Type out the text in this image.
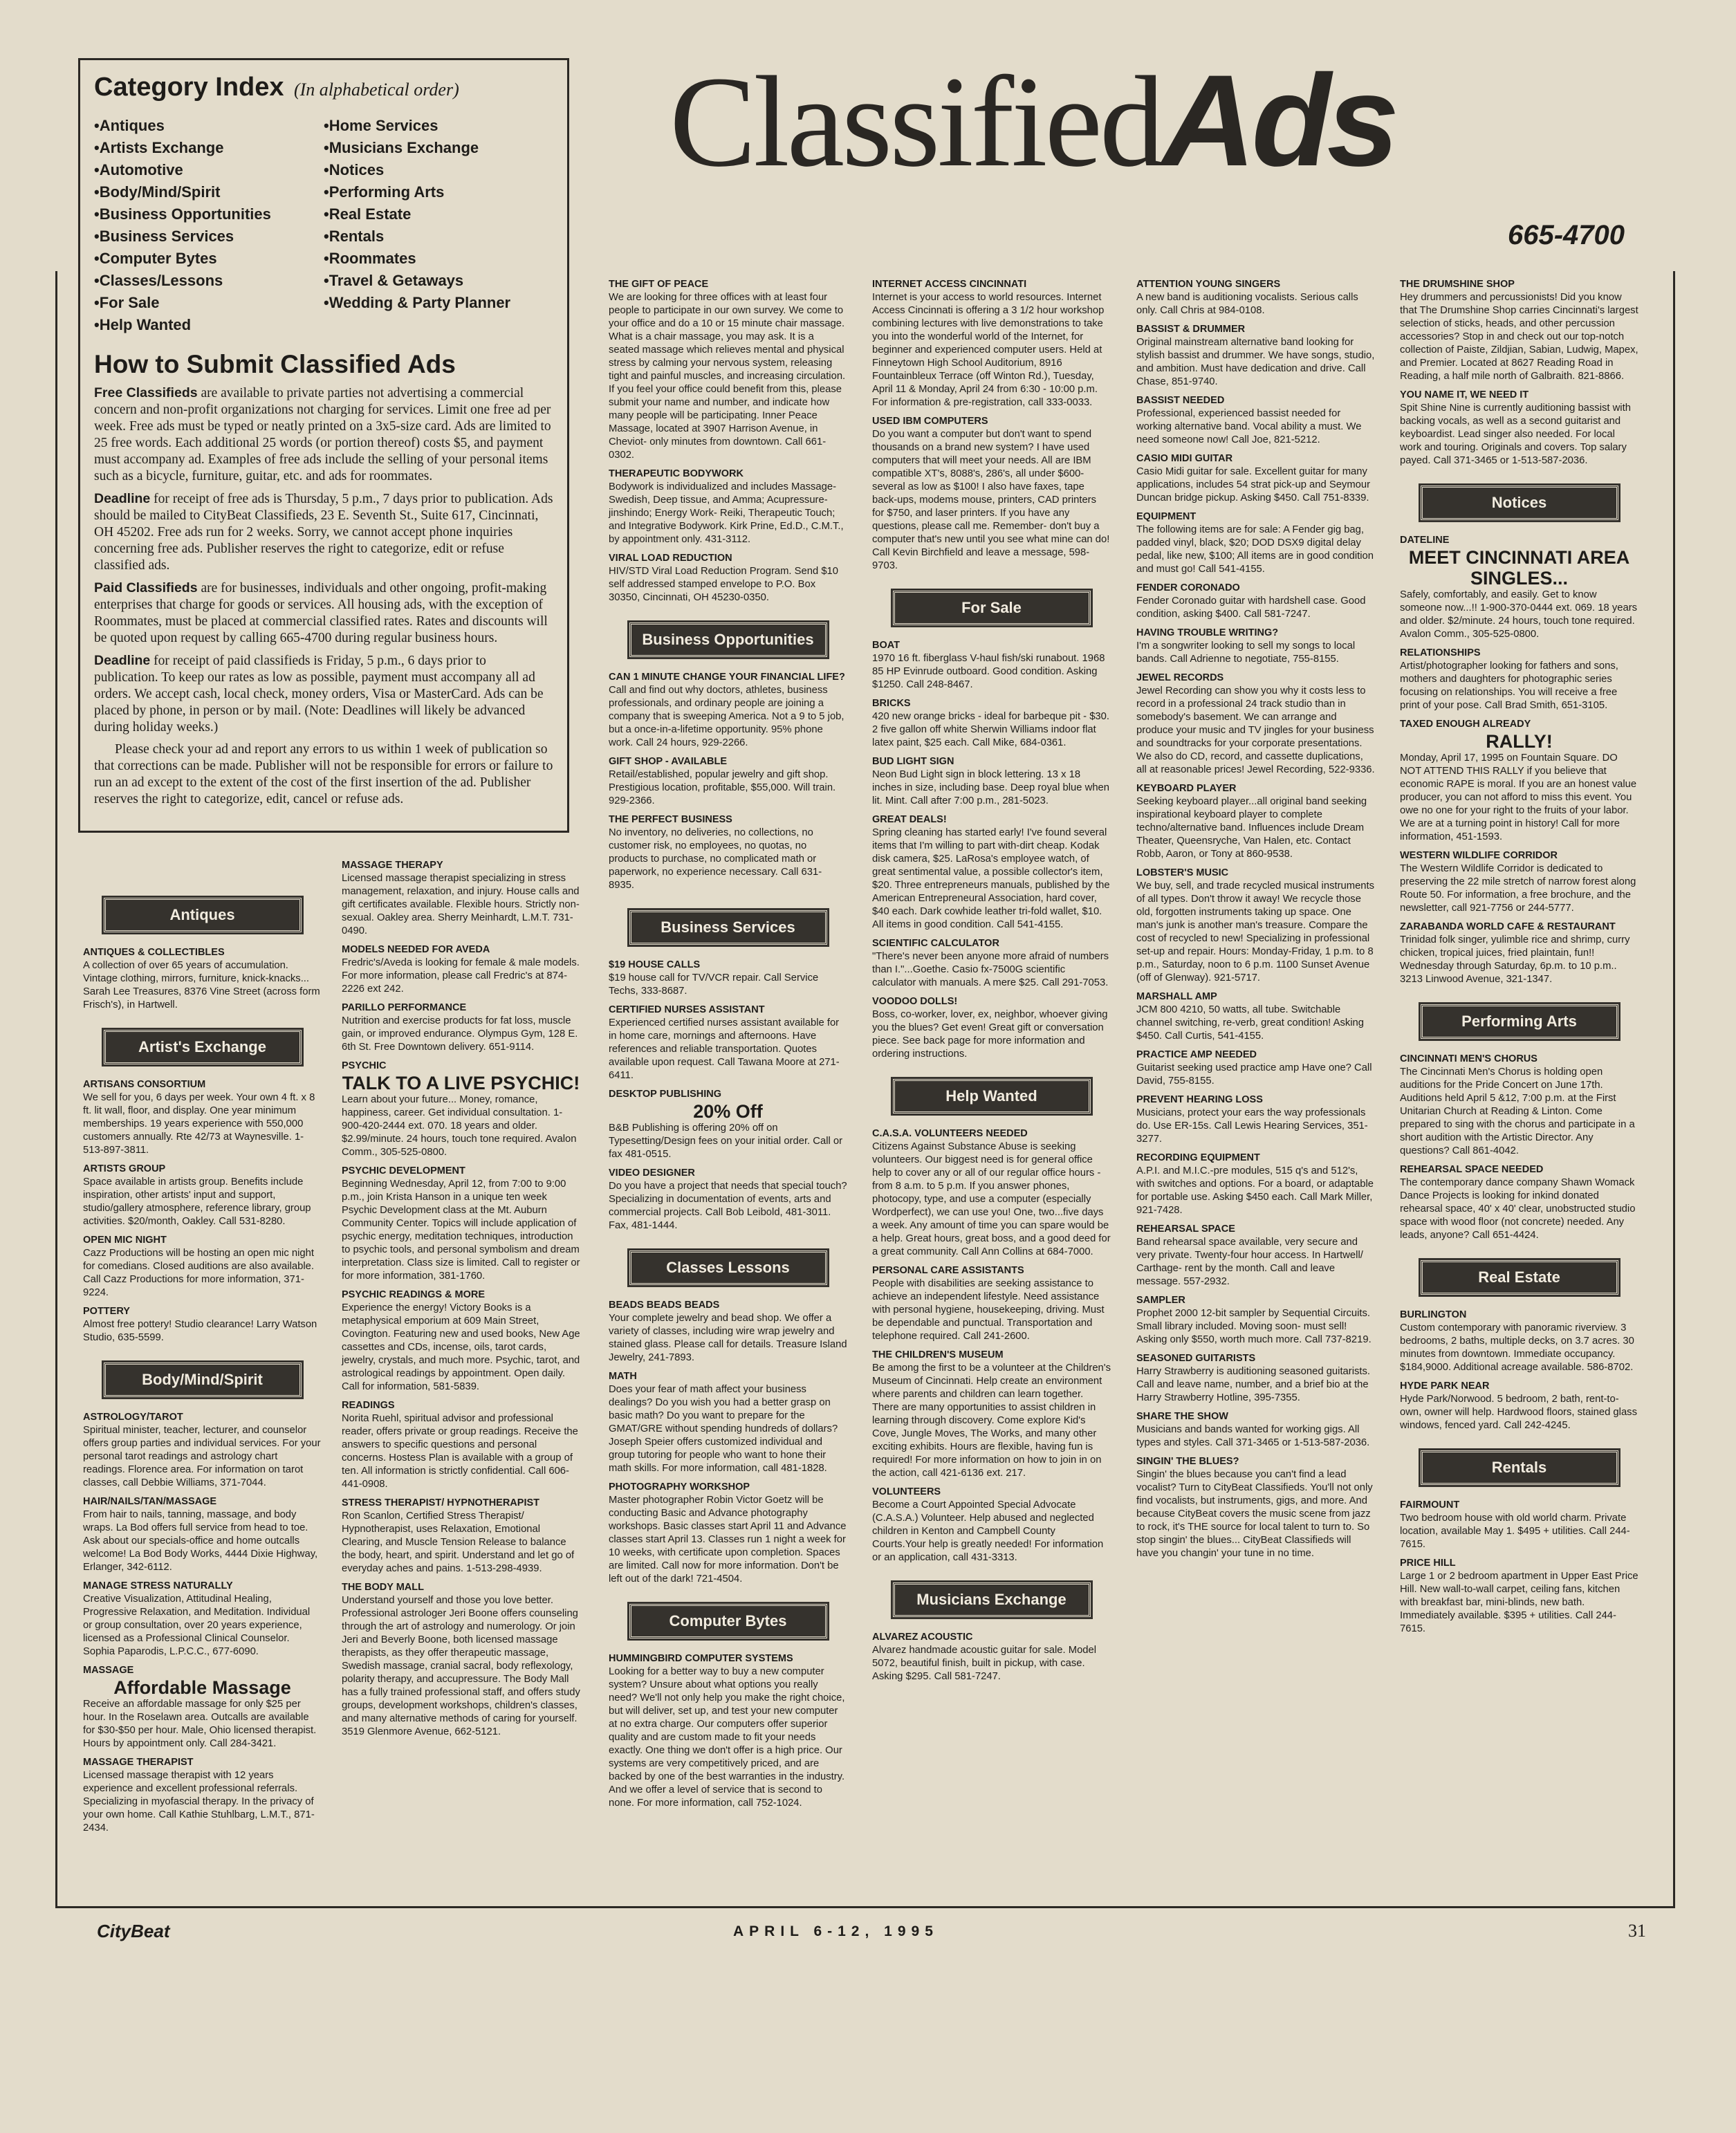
Category Index (In alphabetical order)
•Antiques
•Artists Exchange
•Automotive
•Body/Mind/Spirit
•Business Opportunities
•Business Services
•Computer Bytes
•Classes/Lessons
•For Sale
•Help Wanted
•Home Services
•Musicians Exchange
•Notices
•Performing Arts
•Real Estate
•Rentals
•Roommates
•Travel & Getaways
•Wedding & Party Planner
How to Submit Classified Ads

Free Classifieds are available to private parties not advertising a commercial concern and non-profit organizations not charging for services. Limit one free ad per week. Free ads must be typed or neatly printed on a 3x5-size card. Ads are limited to 25 free words. Each additional 25 words (or portion thereof) costs $5, and payment must accompany ad. Examples of free ads include the selling of your personal items such as a bicycle, furniture, guitar, etc. and ads for roommates.

Deadline for receipt of free ads is Thursday, 5 p.m., 7 days prior to publication. Ads should be mailed to CityBeat Classifieds, 23 E. Seventh St., Suite 617, Cincinnati, OH 45202. Free ads run for 2 weeks. Sorry, we cannot accept phone inquiries concerning free ads. Publisher reserves the right to categorize, edit or refuse classified ads.

Paid Classifieds are for businesses, individuals and other ongoing, profit-making enterprises that charge for goods or services. All housing ads, with the exception of Roommates, must be placed at commercial classified rates. Rates and discounts will be quoted upon request by calling 665-4700 during regular business hours.

Deadline for receipt of paid classifieds is Friday, 5 p.m., 6 days prior to publication. To keep our rates as low as possible, payment must accompany all ad orders. We accept cash, local check, money orders, Visa or MasterCard. Ads can be placed by phone, in person or by mail. (Note: Deadlines will likely be advanced during holiday weeks.)

Please check your ad and report any errors to us within 1 week of publication so that corrections can be made. Publisher will not be responsible for errors or failure to run an ad except to the extent of the cost of the first insertion of the ad. Publisher reserves the right to categorize, edit, cancel or refuse ads.

ClassifiedAds
665-4700
Antiques
ANTIQUES & COLLECTIBLES
A collection of over 65 years of accumulation. Vintage clothing, mirrors, furniture, knick-knacks... Sarah Lee Treasures, 8376 Vine Street (across form Frisch's), in Hartwell.
Artist's Exchange
ARTISANS CONSORTIUM
We sell for you, 6 days per week. Your own 4 ft. x 8 ft. lit wall, floor, and display. One year minimum memberships. 19 years experience with 550,000 customers annually. Rte 42/73 at Waynesville. 1-513-897-3811.
ARTISTS GROUP
Space available in artists group. Benefits include inspiration, other artists' input and support, studio/gallery atmosphere, reference library, group activities. $20/month, Oakley. Call 531-8280.
OPEN MIC NIGHT
Cazz Productions will be hosting an open mic night for comedians. Closed auditions are also available. Call Cazz Productions for more information, 371-9224.
POTTERY
Almost free pottery! Studio clearance! Larry Watson Studio, 635-5599.
Body/Mind/Spirit
ASTROLOGY/TAROT
Spiritual minister, teacher, lecturer, and counselor offers group parties and individual services. For your personal tarot readings and astrology chart readings. Florence area. For information on tarot classes, call Debbie Williams, 371-7044.
HAIR/NAILS/TAN/MASSAGE
From hair to nails, tanning, massage, and body wraps. La Bod offers full service from head to toe. Ask about our specials-office and home outcalls welcome! La Bod Body Works, 4444 Dixie Highway, Erlanger, 342-6112.
MANAGE STRESS NATURALLY
Creative Visualization, Attitudinal Healing, Progressive Relaxation, and Meditation. Individual or group consultation, over 20 years experience, licensed as a Professional Clinical Counselor. Sophia Paparodis, L.P.C.C., 677-6090.
MASSAGE
Affordable Massage
Receive an affordable massage for only $25 per hour. In the Roselawn area. Outcalls are available for $30-$50 per hour. Male, Ohio licensed therapist. Hours by appointment only. Call 284-3421.
MASSAGE THERAPIST
Licensed massage therapist with 12 years experience and excellent professional referrals. Specializing in myofascial therapy. In the privacy of your own home. Call Kathie Stuhlbarg, L.M.T., 871-2434.
MASSAGE THERAPY
Licensed massage therapist specializing in stress management, relaxation, and injury. House calls and gift certificates available. Flexible hours. Strictly non-sexual. Oakley area. Sherry Meinhardt, L.M.T. 731-0490.
MODELS NEEDED FOR AVEDA
Fredric's/Aveda is looking for female & male models. For more information, please call Fredric's at 874-2226 ext 242.
PARILLO PERFORMANCE
Nutrition and exercise products for fat loss, muscle gain, or improved endurance. Olympus Gym, 128 E. 6th St. Free Downtown delivery. 651-9114.
PSYCHIC
TALK TO A LIVE PSYCHIC!
Learn about your future... Money, romance, happiness, career. Get individual consultation. 1-900-420-2444 ext. 070. 18 years and older. $2.99/minute. 24 hours, touch tone required. Avalon Comm., 305-525-0800.
PSYCHIC DEVELOPMENT
Beginning Wednesday, April 12, from 7:00 to 9:00 p.m., join Krista Hanson in a unique ten week Psychic Development class at the Mt. Auburn Community Center. Topics will include application of psychic energy, meditation techniques, introduction to psychic tools, and personal symbolism and dream interpretation. Class size is limited. Call to register or for more information, 381-1760.
PSYCHIC READINGS & MORE
Experience the energy! Victory Books is a metaphysical emporium at 609 Main Street, Covington. Featuring new and used books, New Age cassettes and CDs, incense, oils, tarot cards, jewelry, crystals, and much more. Psychic, tarot, and astrological readings by appointment. Open daily. Call for information, 581-5839.
READINGS
Norita Ruehl, spiritual advisor and professional reader, offers private or group readings. Receive the answers to specific questions and personal concerns. Hostess Plan is available with a group of ten. All information is strictly confidential. Call 606-441-0908.
STRESS THERAPIST/ HYPNOTHERAPIST
Ron Scanlon, Certified Stress Therapist/ Hypnotherapist, uses Relaxation, Emotional Clearing, and Muscle Tension Release to balance the body, heart, and spirit. Understand and let go of everyday aches and pains. 1-513-298-4939.
THE BODY MALL
Understand yourself and those you love better. Professional astrologer Jeri Boone offers counseling through the art of astrology and numerology. Or join Jeri and Beverly Boone, both licensed massage therapists, as they offer therapeutic massage, Swedish massage, cranial sacral, body reflexology, polarity therapy, and accupressure. The Body Mall has a fully trained professional staff, and offers study groups, development workshops, children's classes, and many alternative methods of caring for yourself. 3519 Glenmore Avenue, 662-5121.
THE GIFT OF PEACE
We are looking for three offices with at least four people to participate in our own survey. We come to your office and do a 10 or 15 minute chair massage. What is a chair massage, you may ask. It is a seated massage which relieves mental and physical stress by calming your nervous system, releasing tight and painful muscles, and increasing circulation. If you feel your office could benefit from this, please submit your name and number, and indicate how many people will be participating. Inner Peace Massage, located at 3907 Harrison Avenue, in Cheviot- only minutes from downtown. Call 661-0302.
THERAPEUTIC BODYWORK
Bodywork is individualized and includes Massage-Swedish, Deep tissue, and Amma; Acupressure- jinshindo; Energy Work- Reiki, Therapeutic Touch; and Integrative Bodywork. Kirk Prine, Ed.D., C.M.T., by appointment only. 431-3112.
VIRAL LOAD REDUCTION
HIV/STD Viral Load Reduction Program. Send $10 self addressed stamped envelope to P.O. Box 30350, Cincinnati, OH 45230-0350.
Business Opportunities
CAN 1 MINUTE CHANGE YOUR FINANCIAL LIFE?
Call and find out why doctors, athletes, business professionals, and ordinary people are joining a company that is sweeping America. Not a 9 to 5 job, but a once-in-a-lifetime opportunity. 95% phone work. Call 24 hours, 929-2266.
GIFT SHOP - AVAILABLE
Retail/established, popular jewelry and gift shop. Prestigious location, profitable, $55,000. Will train. 929-2366.
THE PERFECT BUSINESS
No inventory, no deliveries, no collections, no customer risk, no employees, no quotas, no products to purchase, no complicated math or paperwork, no experience necessary. Call 631-8935.
Business Services
$19 HOUSE CALLS
$19 house call for TV/VCR repair. Call Service Techs, 333-8687.
CERTIFIED NURSES ASSISTANT
Experienced certified nurses assistant available for in home care, mornings and afternoons. Have references and reliable transportation. Quotes available upon request. Call Tawana Moore at 271-6411.
DESKTOP PUBLISHING
20% Off
B&B Publishing is offering 20% off on Typesetting/Design fees on your initial order. Call or fax 481-0515.
VIDEO DESIGNER
Do you have a project that needs that special touch? Specializing in documentation of events, arts and commercial projects. Call Bob Leibold, 481-3011. Fax, 481-1444.
Classes Lessons
BEADS BEADS BEADS
Your complete jewelry and bead shop. We offer a variety of classes, including wire wrap jewelry and stained glass. Please call for details. Treasure Island Jewelry, 241-7893.
MATH
Does your fear of math affect your business dealings? Do you wish you had a better grasp on basic math? Do you want to prepare for the GMAT/GRE without spending hundreds of dollars? Joseph Speier offers customized individual and group tutoring for people who want to hone their math skills. For more information, call 481-1828.
PHOTOGRAPHY WORKSHOP
Master photographer Robin Victor Goetz will be conducting Basic and Advance photography workshops. Basic classes start April 11 and Advance classes start April 13. Classes run 1 night a week for 10 weeks, with certificate upon completion. Spaces are limited. Call now for more information. Don't be left out of the dark! 721-4504.
Computer Bytes
HUMMINGBIRD COMPUTER SYSTEMS
Looking for a better way to buy a new computer system? Unsure about what options you really need? We'll not only help you make the right choice, but will deliver, set up, and test your new computer at no extra charge. Our computers offer superior quality and are custom made to fit your needs exactly. One thing we don't offer is a high price. Our systems are very competitively priced, and are backed by one of the best warranties in the industry. And we offer a level of service that is second to none. For more information, call 752-1024.
INTERNET ACCESS CINCINNATI
Internet is your access to world resources. Internet Access Cincinnati is offering a 3 1/2 hour workshop combining lectures with live demonstrations to take you into the wonderful world of the Internet, for beginner and experienced computer users. Held at Finneytown High School Auditorium, 8916 Fountainbleux Terrace (off Winton Rd.), Tuesday, April 11 & Monday, April 24 from 6:30 - 10:00 p.m. For information & pre-registration, call 333-0033.
USED IBM COMPUTERS
Do you want a computer but don't want to spend thousands on a brand new system? I have used computers that will meet your needs. All are IBM compatible XT's, 8088's, 286's, all under $600- several as low as $100! I also have faxes, tape back-ups, modems mouse, printers, CAD printers for $750, and laser printers. If you have any questions, please call me. Remember- don't buy a computer that's new until you see what mine can do! Call Kevin Birchfield and leave a message, 598-9703.
For Sale
BOAT
1970 16 ft. fiberglass V-haul fish/ski runabout. 1968 85 HP Evinrude outboard. Good condition. Asking $1250. Call 248-8467.
BRICKS
420 new orange bricks - ideal for barbeque pit - $30. 2 five gallon off white Sherwin Williams indoor flat latex paint, $25 each. Call Mike, 684-0361.
BUD LIGHT SIGN
Neon Bud Light sign in block lettering. 13 x 18 inches in size, including base. Deep royal blue when lit. Mint. Call after 7:00 p.m., 281-5023.
GREAT DEALS!
Spring cleaning has started early! I've found several items that I'm willing to part with-dirt cheap. Kodak disk camera, $25. LaRosa's employee watch, of great sentimental value, a possible collector's item, $20. Three entrepreneurs manuals, published by the American Entrepreneural Association, hard cover, $40 each. Dark cowhide leather tri-fold wallet, $10. All items in good condition. Call 541-4155.
SCIENTIFIC CALCULATOR
"There's never been anyone more afraid of numbers than I."...Goethe. Casio fx-7500G scientific calculator with manuals. A mere $25. Call 291-7053.
VOODOO DOLLS!
Boss, co-worker, lover, ex, neighbor, whoever giving you the blues? Get even! Great gift or conversation piece. See back page for more information and ordering instructions.
Help Wanted
C.A.S.A. VOLUNTEERS NEEDED
Citizens Against Substance Abuse is seeking volunteers. Our biggest need is for general office help to cover any or all of our regular office hours - from 8 a.m. to 5 p.m. If you answer phones, photocopy, type, and use a computer (especially Wordperfect), we can use you! One, two...five days a week. Any amount of time you can spare would be a help. Great hours, great boss, and a good deed for a great community. Call Ann Collins at 684-7000.
PERSONAL CARE ASSISTANTS
People with disabilities are seeking assistance to achieve an independent lifestyle. Need assistance with personal hygiene, housekeeping, driving. Must be dependable and punctual. Transportation and telephone required. Call 241-2600.
THE CHILDREN'S MUSEUM
Be among the first to be a volunteer at the Children's Museum of Cincinnati. Help create an environment where parents and children can learn together. There are many opportunities to assist children in learning through discovery. Come explore Kid's Cove, Jungle Moves, The Works, and many other exciting exhibits. Hours are flexible, having fun is required! For more information on how to join in on the action, call 421-6136 ext. 217.
VOLUNTEERS
Become a Court Appointed Special Advocate (C.A.S.A.) Volunteer. Help abused and neglected children in Kenton and Campbell County Courts.Your help is greatly needed! For information or an application, call 431-3313.
Musicians Exchange
ALVAREZ ACOUSTIC
Alvarez handmade acoustic guitar for sale. Model 5072, beautiful finish, built in pickup, with case. Asking $295. Call 581-7247.
ATTENTION YOUNG SINGERS
A new band is auditioning vocalists. Serious calls only. Call Chris at 984-0108.
BASSIST & DRUMMER
Original mainstream alternative band looking for stylish bassist and drummer. We have songs, studio, and ambition. Must have dedication and drive. Call Chase, 851-9740.
BASSIST NEEDED
Professional, experienced bassist needed for working alternative band. Vocal ability a must. We need someone now! Call Joe, 821-5212.
CASIO MIDI GUITAR
Casio Midi guitar for sale. Excellent guitar for many applications, includes 54 strat pick-up and Seymour Duncan bridge pickup. Asking $450. Call 751-8339.
EQUIPMENT
The following items are for sale: A Fender gig bag, padded vinyl, black, $20; DOD DSX9 digital delay pedal, like new, $100; All items are in good condition and must go! Call 541-4155.
FENDER CORONADO
Fender Coronado guitar with hardshell case. Good condition, asking $400. Call 581-7247.
HAVING TROUBLE WRITING?
I'm a songwriter looking to sell my songs to local bands. Call Adrienne to negotiate, 755-8155.
JEWEL RECORDS
Jewel Recording can show you why it costs less to record in a professional 24 track studio than in somebody's basement. We can arrange and produce your music and TV jingles for your business and soundtracks for your corporate presentations. We also do CD, record, and cassette duplications, all at reasonable prices! Jewel Recording, 522-9336.
KEYBOARD PLAYER
Seeking keyboard player...all original band seeking inspirational keyboard player to complete techno/alternative band. Influences include Dream Theater, Queensryche, Van Halen, etc. Contact Robb, Aaron, or Tony at 860-9538.
LOBSTER'S MUSIC
We buy, sell, and trade recycled musical instruments of all types. Don't throw it away! We recycle those old, forgotten instruments taking up space. One man's junk is another man's treasure. Compare the cost of recycled to new! Specializing in professional set-up and repair. Hours: Monday-Friday, 1 p.m. to 8 p.m., Saturday, noon to 6 p.m. 1100 Sunset Avenue (off of Glenway). 921-5717.
MARSHALL AMP
JCM 800 4210, 50 watts, all tube. Switchable channel switching, re-verb, great condition! Asking $450. Call Curtis, 541-4155.
PRACTICE AMP NEEDED
Guitarist seeking used practice amp Have one? Call David, 755-8155.
PREVENT HEARING LOSS
Musicians, protect your ears the way professionals do. Use ER-15s. Call Lewis Hearing Services, 351-3277.
RECORDING EQUIPMENT
A.P.I. and M.I.C.-pre modules, 515 q's and 512's, with switches and options. For a board, or adaptable for portable use. Asking $450 each. Call Mark Miller, 921-7428.
REHEARSAL SPACE
Band rehearsal space available, very secure and very private. Twenty-four hour access. In Hartwell/ Carthage- rent by the month. Call and leave message. 557-2932.
SAMPLER
Prophet 2000 12-bit sampler by Sequential Circuits. Small library included. Moving soon- must sell! Asking only $550, worth much more. Call 737-8219.
SEASONED GUITARISTS
Harry Strawberry is auditioning seasoned guitarists. Call and leave name, number, and a brief bio at the Harry Strawberry Hotline, 395-7355.
SHARE THE SHOW
Musicians and bands wanted for working gigs. All types and styles. Call 371-3465 or 1-513-587-2036.
SINGIN' THE BLUES?
Singin' the blues because you can't find a lead vocalist? Turn to CityBeat Classifieds. You'll not only find vocalists, but instruments, gigs, and more. And because CityBeat covers the music scene from jazz to rock, it's THE source for local talent to turn to. So stop singin' the blues... CityBeat Classifieds will have you changin' your tune in no time.
THE DRUMSHINE SHOP
Hey drummers and percussionists! Did you know that The Drumshine Shop carries Cincinnati's largest selection of sticks, heads, and other percussion accessories? Stop in and check out our top-notch collection of Paiste, Zildjian, Sabian, Ludwig, Mapex, and Premier. Located at 8627 Reading Road in Reading, a half mile north of Galbraith. 821-8866.
YOU NAME IT, WE NEED IT
Spit Shine Nine is currently auditioning bassist with backing vocals, as well as a second guitarist and keyboardist. Lead singer also needed. For local work and touring. Originals and covers. Top salary payed. Call 371-3465 or 1-513-587-2036.
Notices
DATELINE
MEET CINCINNATI AREA SINGLES...
Safely, comfortably, and easily. Get to know someone now...!! 1-900-370-0444 ext. 069. 18 years and older. $2/minute. 24 hours, touch tone required. Avalon Comm., 305-525-0800.
RELATIONSHIPS
Artist/photographer looking for fathers and sons, mothers and daughters for photographic series focusing on relationships. You will receive a free print of your pose. Call Brad Smith, 651-3105.
TAXED ENOUGH ALREADY
RALLY!
Monday, April 17, 1995 on Fountain Square. DO NOT ATTEND THIS RALLY if you believe that economic RAPE is moral. If you are an honest value producer, you can not afford to miss this event. You owe no one for your right to the fruits of your labor. We are at a turning point in history! Call for more information, 451-1593.
WESTERN WILDLIFE CORRIDOR
The Western Wildlife Corridor is dedicated to preserving the 22 mile stretch of narrow forest along Route 50. For information, a free brochure, and the newsletter, call 921-7756 or 244-5777.
ZARABANDA WORLD CAFE & RESTAURANT
Trinidad folk singer, yulimble rice and shrimp, curry chicken, tropical juices, fried plaintain, fun!! Wednesday through Saturday, 6p.m. to 10 p.m.. 3213 Linwood Avenue, 321-1347.
Performing Arts
CINCINNATI MEN'S CHORUS
The Cincinnati Men's Chorus is holding open auditions for the Pride Concert on June 17th. Auditions held April 5 &12, 7:00 p.m. at the First Unitarian Church at Reading & Linton. Come prepared to sing with the chorus and participate in a short audition with the Artistic Director. Any questions? Call 861-4042.
REHEARSAL SPACE NEEDED
The contemporary dance company Shawn Womack Dance Projects is looking for inkind donated rehearsal space, 40' x 40' clear, unobstructed studio space with wood floor (not concrete) needed. Any leads, anyone? Call 651-4424.
Real Estate
BURLINGTON
Custom contemporary with panoramic riverview. 3 bedrooms, 2 baths, multiple decks, on 3.7 acres. 30 minutes from downtown. Immediate occupancy. $184,9000. Additional acreage available. 586-8702.
HYDE PARK NEAR
Hyde Park/Norwood. 5 bedroom, 2 bath, rent-to-own, owner will help. Hardwood floors, stained glass windows, fenced yard. Call 242-4245.
Rentals
FAIRMOUNT
Two bedroom house with old world charm. Private location, available May 1. $495 + utilities. Call 244-7615.
PRICE HILL
Large 1 or 2 bedroom apartment in Upper East Price Hill. New wall-to-wall carpet, ceiling fans, kitchen with breakfast bar, mini-blinds, new bath. Immediately available. $395 + utilities. Call 244-7615.
CityBeat	APRIL 6-12, 1995	31
